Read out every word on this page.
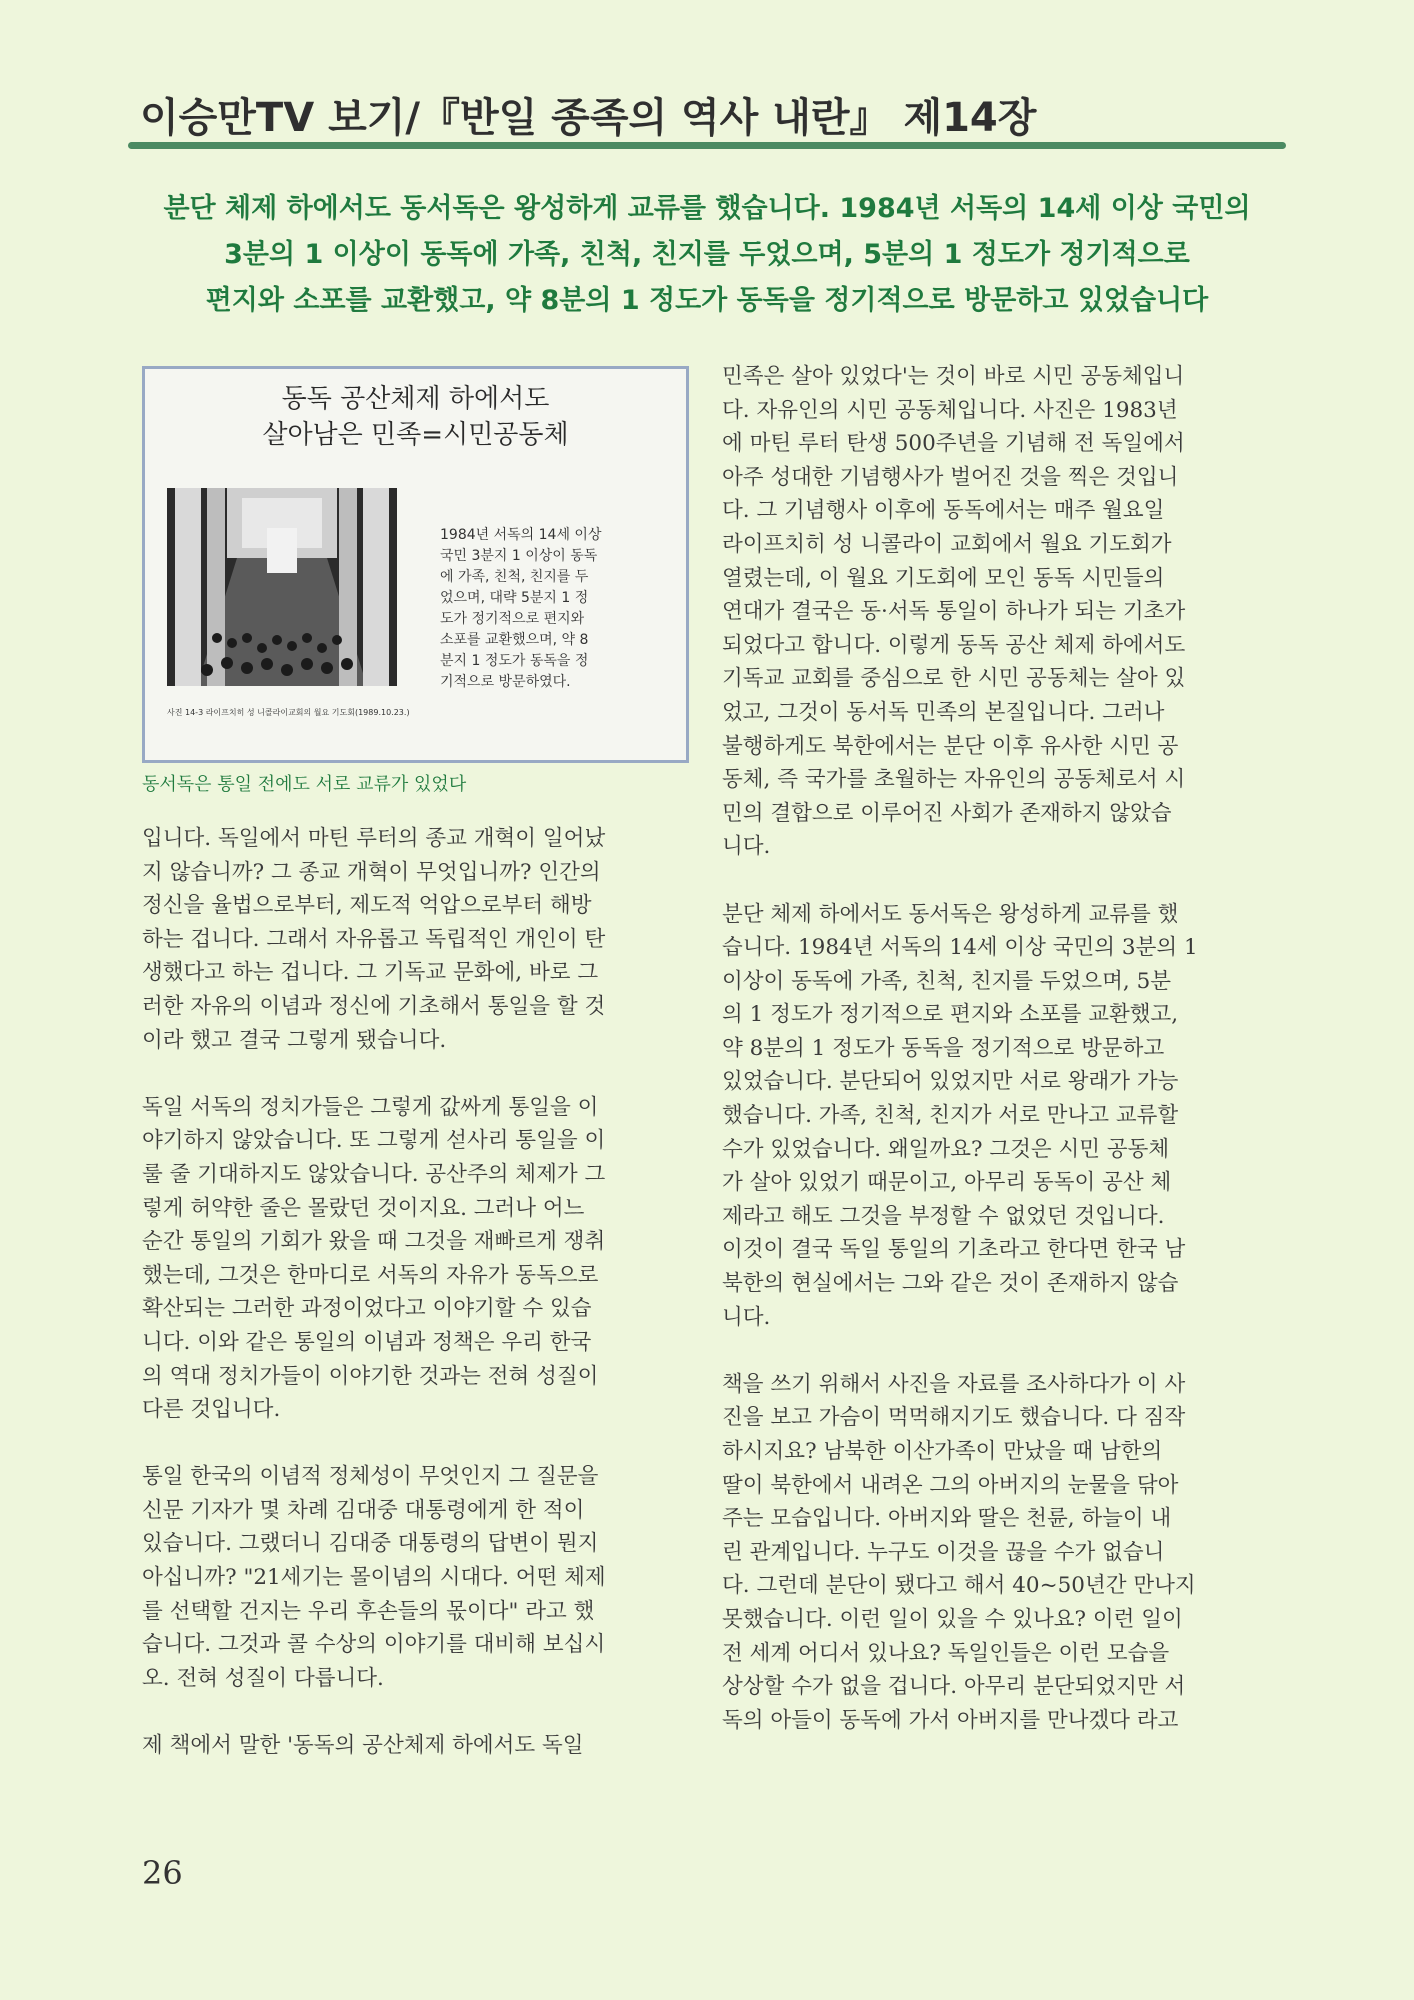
이승만TV 보기/『반일 종족의 역사 내란』 제14장
분단 체제 하에서도 동서독은 왕성하게 교류를 했습니다. 1984년 서독의 14세 이상 국민의
3분의 1 이상이 동독에 가족, 친척, 친지를 두었으며, 5분의 1 정도가 정기적으로
편지와 소포를 교환했고, 약 8분의 1 정도가 동독을 정기적으로 방문하고 있었습니다
동독 공산체제 하에서도
살아남은 민족=시민공동체
사진 14-3 라이프치히 성 니콜라이교회의 월요 기도회(1989.10.23.)
1984년 서독의 14세 이상
국민 3분지 1 이상이 동독
에 가족, 친척, 친지를 두
었으며, 대략 5분지 1 정
도가 정기적으로 편지와
소포를 교환했으며, 약 8
분지 1 정도가 동독을 정
기적으로 방문하였다.
동서독은 통일 전에도 서로 교류가 있었다
입니다. 독일에서 마틴 루터의 종교 개혁이 일어났
지 않습니까? 그 종교 개혁이 무엇입니까? 인간의
정신을 율법으로부터, 제도적 억압으로부터 해방
하는 겁니다. 그래서 자유롭고 독립적인 개인이 탄
생했다고 하는 겁니다. 그 기독교 문화에, 바로 그
러한 자유의 이념과 정신에 기초해서 통일을 할 것
이라 했고 결국 그렇게 됐습니다.
독일 서독의 정치가들은 그렇게 값싸게 통일을 이
야기하지 않았습니다. 또 그렇게 섣사리 통일을 이
룰 줄 기대하지도 않았습니다. 공산주의 체제가 그
렇게 허약한 줄은 몰랐던 것이지요. 그러나 어느
순간 통일의 기회가 왔을 때 그것을 재빠르게 쟁취
했는데, 그것은 한마디로 서독의 자유가 동독으로
확산되는 그러한 과정이었다고 이야기할 수 있습
니다. 이와 같은 통일의 이념과 정책은 우리 한국
의 역대 정치가들이 이야기한 것과는 전혀 성질이
다른 것입니다.
통일 한국의 이념적 정체성이 무엇인지 그 질문을
신문 기자가 몇 차례 김대중 대통령에게 한 적이
있습니다. 그랬더니 김대중 대통령의 답변이 뭔지
아십니까? "21세기는 몰이념의 시대다. 어떤 체제
를 선택할 건지는 우리 후손들의 몫이다" 라고 했
습니다. 그것과 콜 수상의 이야기를 대비해 보십시
오. 전혀 성질이 다릅니다.
제 책에서 말한 '동독의 공산체제 하에서도 독일
민족은 살아 있었다'는 것이 바로 시민 공동체입니
다. 자유인의 시민 공동체입니다. 사진은 1983년
에 마틴 루터 탄생 500주년을 기념해 전 독일에서
아주 성대한 기념행사가 벌어진 것을 찍은 것입니
다. 그 기념행사 이후에 동독에서는 매주 월요일
라이프치히 성 니콜라이 교회에서 월요 기도회가
열렸는데, 이 월요 기도회에 모인 동독 시민들의
연대가 결국은 동·서독 통일이 하나가 되는 기초가
되었다고 합니다. 이렇게 동독 공산 체제 하에서도
기독교 교회를 중심으로 한 시민 공동체는 살아 있
었고, 그것이 동서독 민족의 본질입니다. 그러나
불행하게도 북한에서는 분단 이후 유사한 시민 공
동체, 즉 국가를 초월하는 자유인의 공동체로서 시
민의 결합으로 이루어진 사회가 존재하지 않았습
니다.
분단 체제 하에서도 동서독은 왕성하게 교류를 했
습니다. 1984년 서독의 14세 이상 국민의 3분의 1
이상이 동독에 가족, 친척, 친지를 두었으며, 5분
의 1 정도가 정기적으로 편지와 소포를 교환했고,
약 8분의 1 정도가 동독을 정기적으로 방문하고
있었습니다. 분단되어 있었지만 서로 왕래가 가능
했습니다. 가족, 친척, 친지가 서로 만나고 교류할
수가 있었습니다. 왜일까요? 그것은 시민 공동체
가 살아 있었기 때문이고, 아무리 동독이 공산 체
제라고 해도 그것을 부정할 수 없었던 것입니다.
이것이 결국 독일 통일의 기초라고 한다면 한국 남
북한의 현실에서는 그와 같은 것이 존재하지 않습
니다.
책을 쓰기 위해서 사진을 자료를 조사하다가 이 사
진을 보고 가슴이 먹먹해지기도 했습니다. 다 짐작
하시지요? 남북한 이산가족이 만났을 때 남한의
딸이 북한에서 내려온 그의 아버지의 눈물을 닦아
주는 모습입니다. 아버지와 딸은 천륜, 하늘이 내
린 관계입니다. 누구도 이것을 끊을 수가 없습니
다. 그런데 분단이 됐다고 해서 40~50년간 만나지
못했습니다. 이런 일이 있을 수 있나요? 이런 일이
전 세계 어디서 있나요? 독일인들은 이런 모습을
상상할 수가 없을 겁니다. 아무리 분단되었지만 서
독의 아들이 동독에 가서 아버지를 만나겠다 라고
26
